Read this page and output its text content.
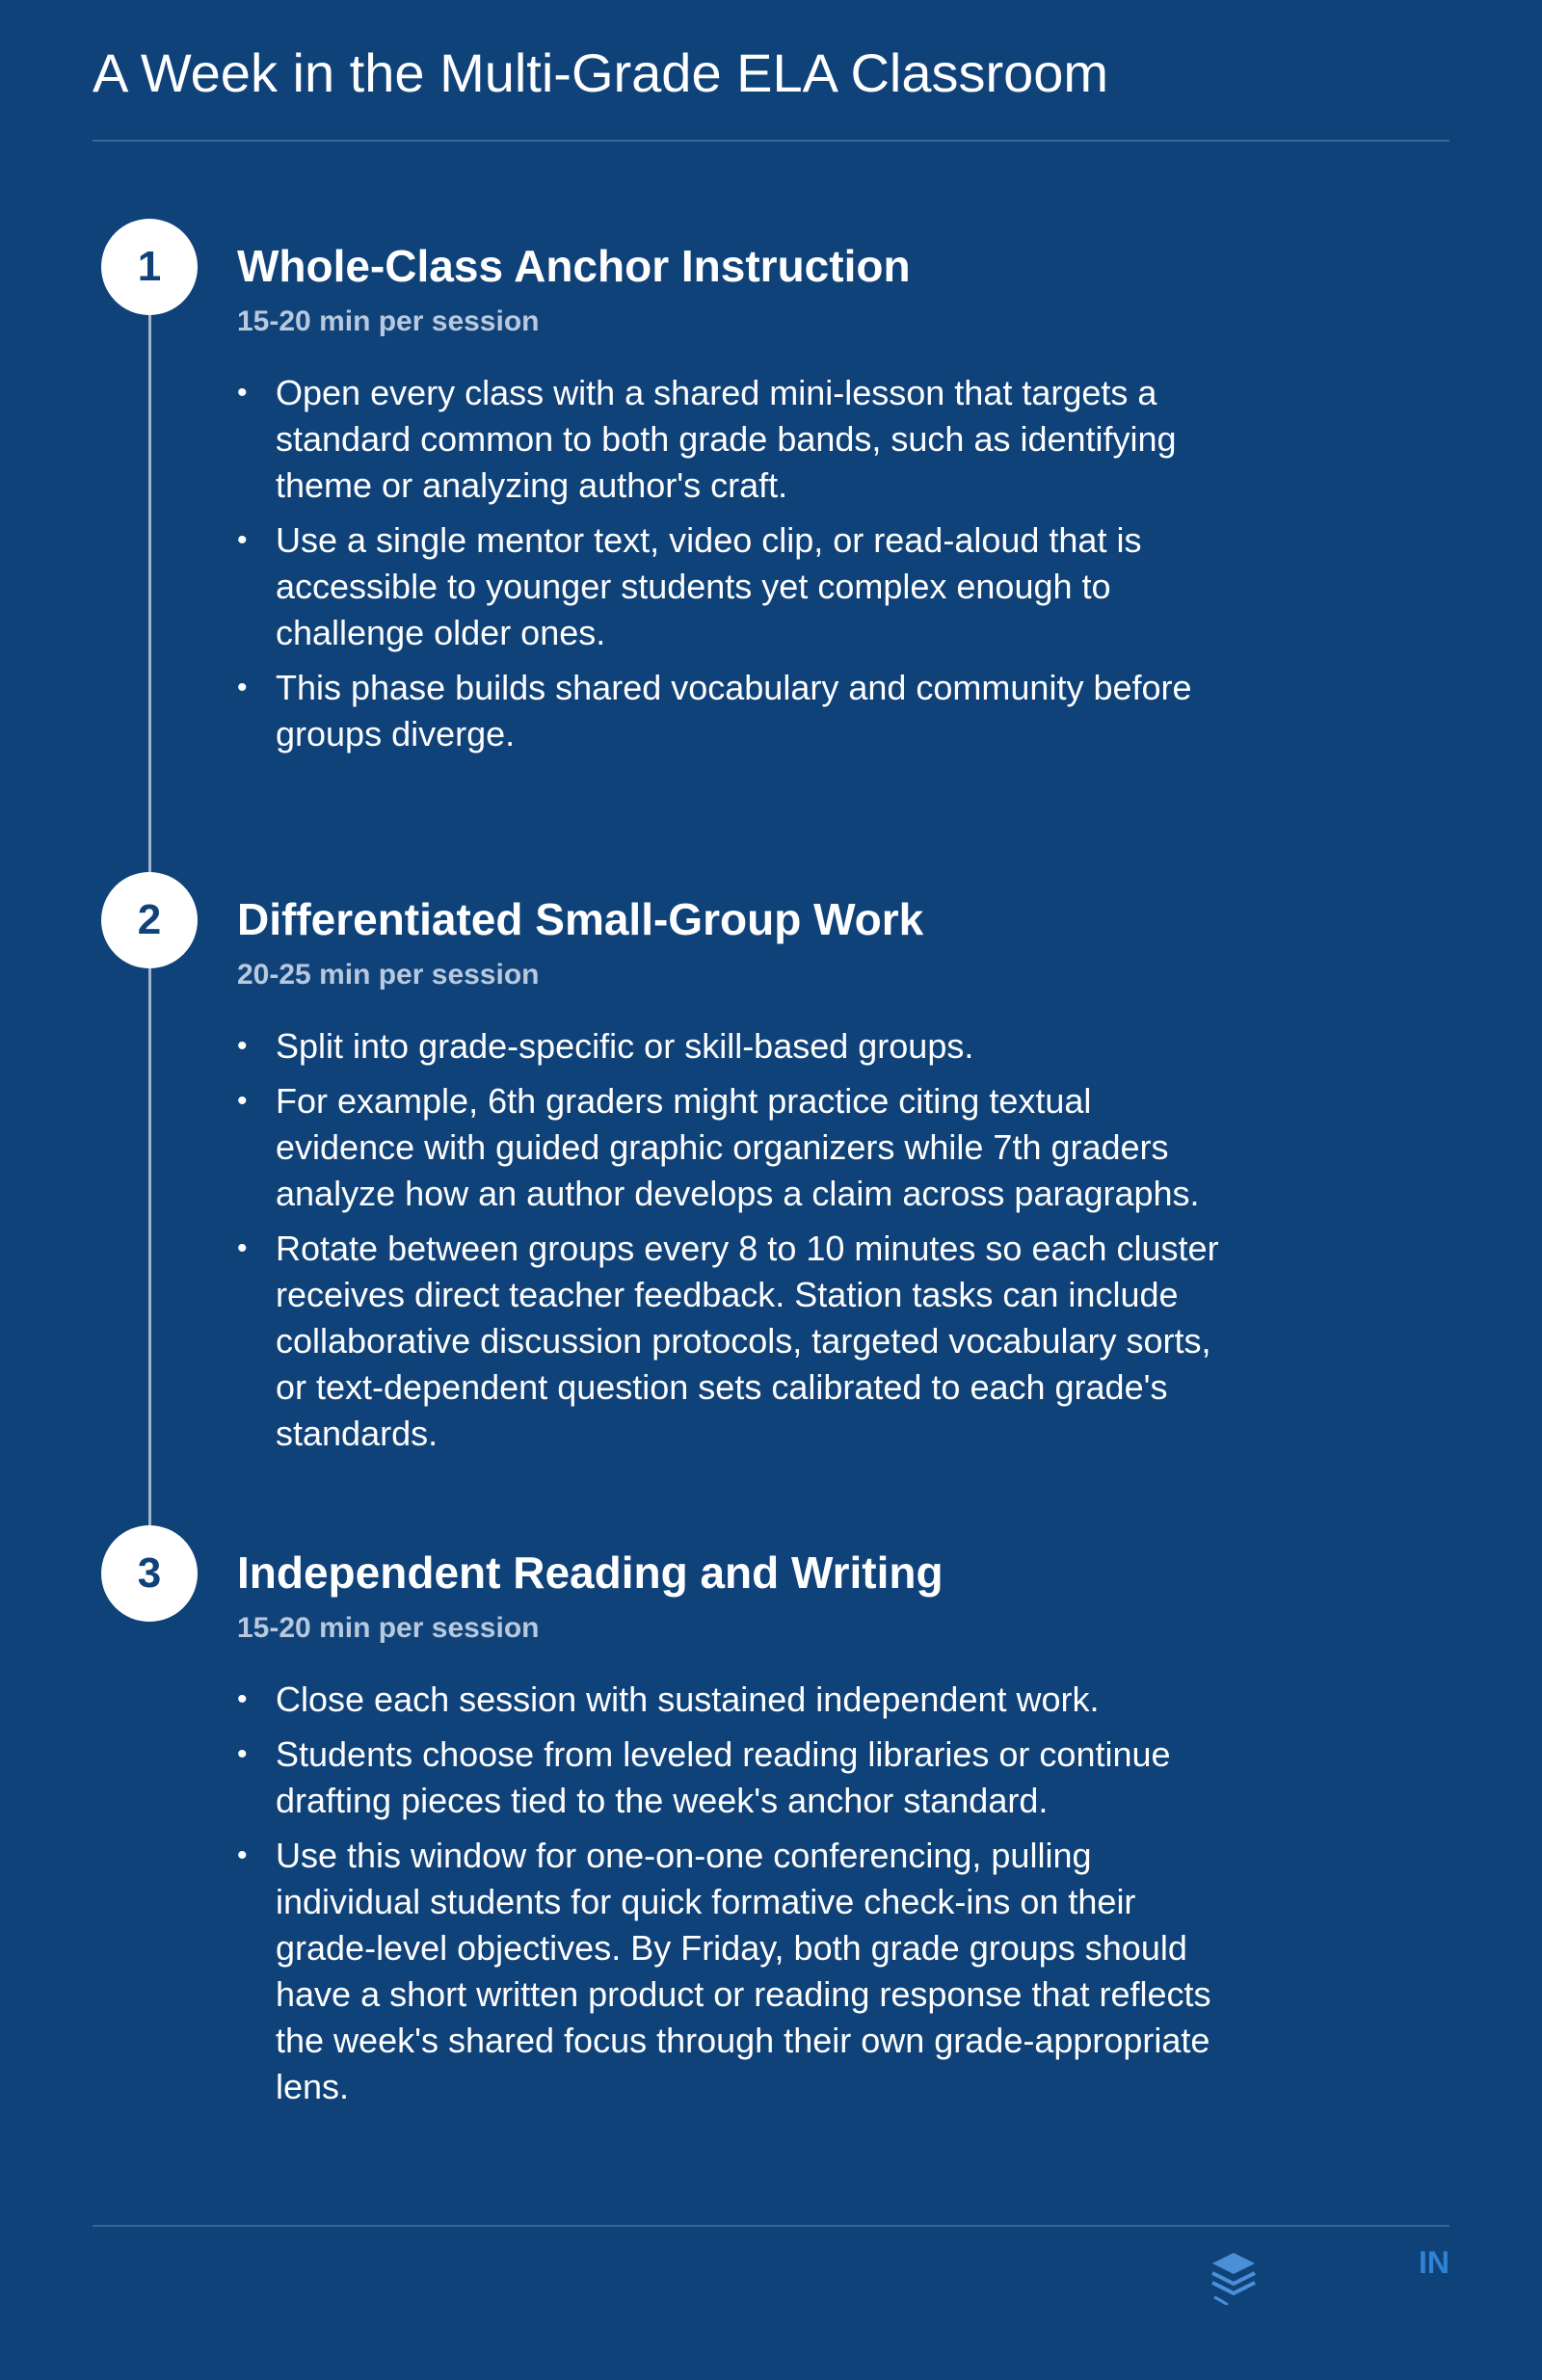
A Week in the Multi-Grade ELA Classroom
1	Whole-Class Anchor Instruction
15-20 min per session
• Open every class with a shared mini-lesson that targets a standard common to both grade bands, such as identifying theme or analyzing author's craft.
• Use a single mentor text, video clip, or read-aloud that is accessible to younger students yet complex enough to challenge older ones.
• This phase builds shared vocabulary and community before groups diverge.
2	Differentiated Small-Group Work
20-25 min per session
• Split into grade-specific or skill-based groups.
• For example, 6th graders might practice citing textual evidence with guided graphic organizers while 7th graders analyze how an author develops a claim across paragraphs.
• Rotate between groups every 8 to 10 minutes so each cluster receives direct teacher feedback. Station tasks can include collaborative discussion protocols, targeted vocabulary sorts, or text-dependent question sets calibrated to each grade's standards.
3	Independent Reading and Writing
15-20 min per session
• Close each session with sustained independent work.
• Students choose from leveled reading libraries or continue drafting pieces tied to the week's anchor standard.
• Use this window for one-on-one conferencing, pulling individual students for quick formative check-ins on their grade-level objectives. By Friday, both grade groups should have a short written product or reading response that reflects the week's shared focus through their own grade-appropriate lens.
IN
